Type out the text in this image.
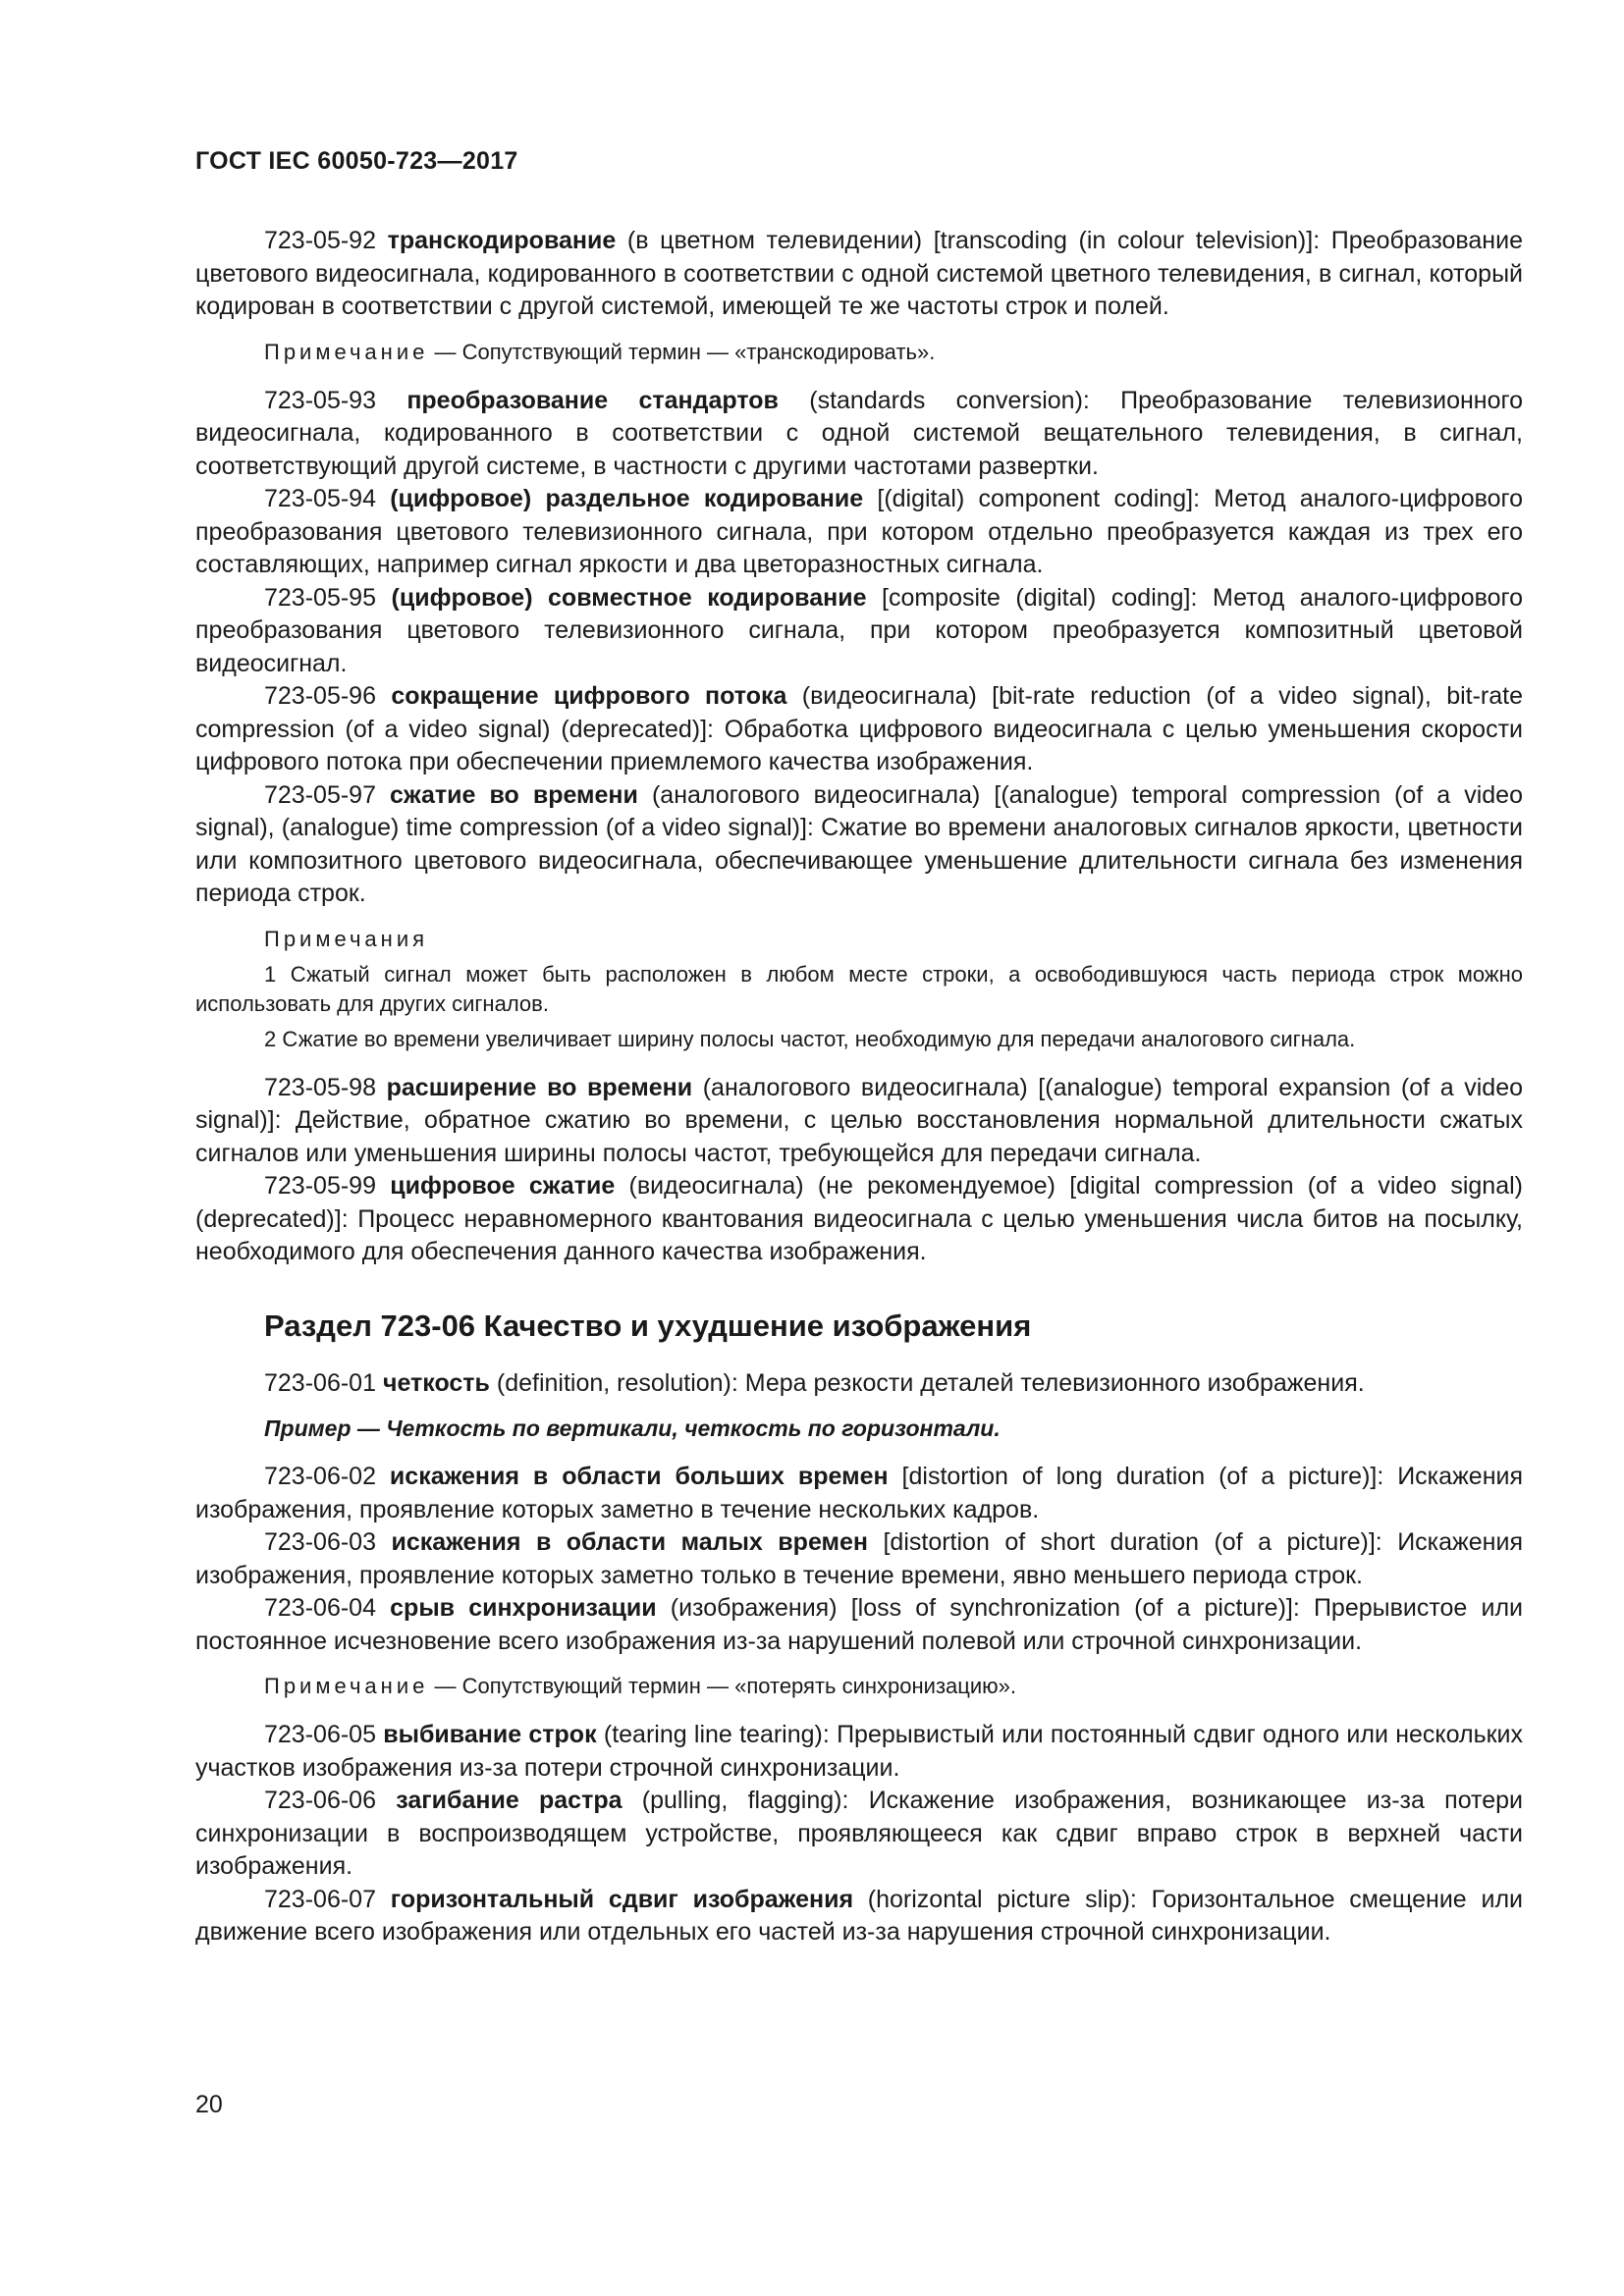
ГОСТ IEC 60050-723—2017

723-05-92 транскодирование (в цветном телевидении) [transcoding (in colour television)]: Преобразование цветового видеосигнала, кодированного в соответствии с одной системой цветного телевидения, в сигнал, который кодирован в соответствии с другой системой, имеющей те же частоты строк и полей.

Примечание — Сопутствующий термин — «транскодировать».

723-05-93 преобразование стандартов (standards conversion): Преобразование телевизионного видеосигнала, кодированного в соответствии с одной системой вещательного телевидения, в сигнал, соответствующий другой системе, в частности с другими частотами развертки.

723-05-94 (цифровое) раздельное кодирование [(digital) component coding]: Метод аналого-цифрового преобразования цветового телевизионного сигнала, при котором отдельно преобразуется каждая из трех его составляющих, например сигнал яркости и два цветоразностных сигнала.

723-05-95 (цифровое) совместное кодирование [composite (digital) coding]: Метод аналого-цифрового преобразования цветового телевизионного сигнала, при котором преобразуется композитный цветовой видеосигнал.

723-05-96 сокращение цифрового потока (видеосигнала) [bit-rate reduction (of a video signal), bit-rate compression (of a video signal) (deprecated)]: Обработка цифрового видеосигнала с целью уменьшения скорости цифрового потока при обеспечении приемлемого качества изображения.

723-05-97 сжатие во времени (аналогового видеосигнала) [(analogue) temporal compression (of a video signal), (analogue) time compression (of a video signal)]: Сжатие во времени аналоговых сигналов яркости, цветности или композитного цветового видеосигнала, обеспечивающее уменьшение длительности сигнала без изменения периода строк.

Примечания

1 Сжатый сигнал может быть расположен в любом месте строки, а освободившуюся часть периода строк можно использовать для других сигналов.

2 Сжатие во времени увеличивает ширину полосы частот, необходимую для передачи аналогового сигнала.

723-05-98 расширение во времени (аналогового видеосигнала) [(analogue) temporal expansion (of a video signal)]: Действие, обратное сжатию во времени, с целью восстановления нормальной длительности сжатых сигналов или уменьшения ширины полосы частот, требующейся для передачи сигнала.

723-05-99 цифровое сжатие (видеосигнала) (не рекомендуемое) [digital compression (of a video signal) (deprecated)]: Процесс неравномерного квантования видеосигнала с целью уменьшения числа битов на посылку, необходимого для обеспечения данного качества изображения.

Раздел 723-06 Качество и ухудшение изображения

723-06-01 четкость (definition, resolution): Мера резкости деталей телевизионного изображения.

Пример — Четкость по вертикали, четкость по горизонтали.

723-06-02 искажения в области больших времен [distortion of long duration (of a picture)]: Искажения изображения, проявление которых заметно в течение нескольких кадров.

723-06-03 искажения в области малых времен [distortion of short duration (of a picture)]: Искажения изображения, проявление которых заметно только в течение времени, явно меньшего периода строк.

723-06-04 срыв синхронизации (изображения) [loss of synchronization (of a picture)]: Прерывистое или постоянное исчезновение всего изображения из-за нарушений полевой или строчной синхронизации.

Примечание — Сопутствующий термин — «потерять синхронизацию».

723-06-05 выбивание строк (tearing line tearing): Прерывистый или постоянный сдвиг одного или нескольких участков изображения из-за потери строчной синхронизации.

723-06-06 загибание растра (pulling, flagging): Искажение изображения, возникающее из-за потери синхронизации в воспроизводящем устройстве, проявляющееся как сдвиг вправо строк в верхней части изображения.

723-06-07 горизонтальный сдвиг изображения (horizontal picture slip): Горизонтальное смещение или движение всего изображения или отдельных его частей из-за нарушения строчной синхронизации.

20
